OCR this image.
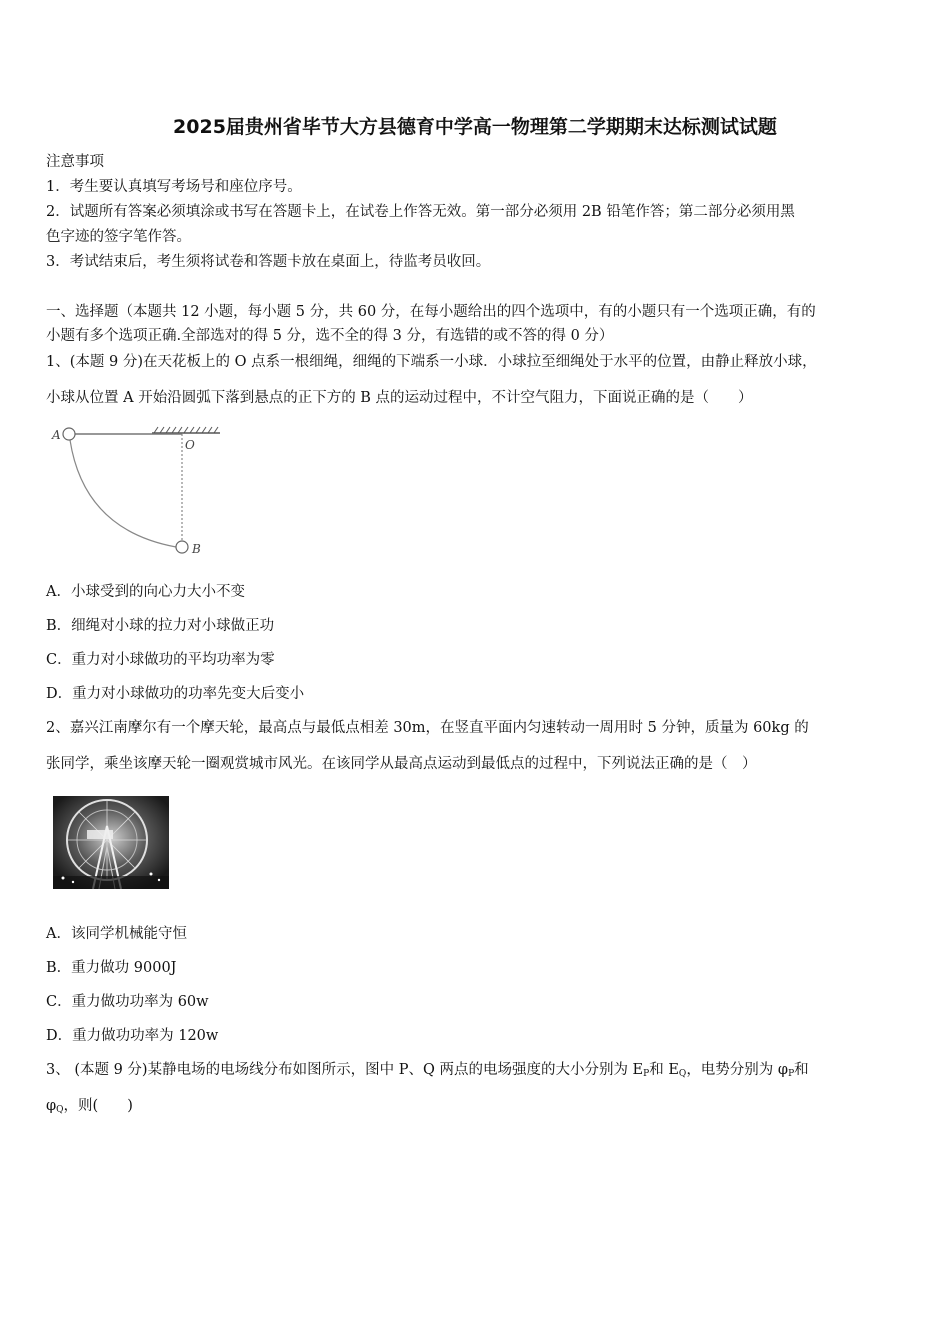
2025届贵州省毕节大方县德育中学高一物理第二学期期末达标测试试题
注意事项
1．考生要认真填写考场号和座位序号。
2．试题所有答案必须填涂或书写在答题卡上，在试卷上作答无效。第一部分必须用 2B 铅笔作答；第二部分必须用黑
色字迹的签字笔作答。
3．考试结束后，考生须将试卷和答题卡放在桌面上，待监考员收回。
一、选择题（本题共 12 小题，每小题 5 分，共 60 分，在每小题给出的四个选项中，有的小题只有一个选项正确，有的
小题有多个选项正确.全部选对的得 5 分，选不全的得 3 分，有选错的或不答的得 0 分）
1、(本题 9 分)在天花板上的 O 点系一根细绳，细绳的下端系一小球．小球拉至细绳处于水平的位置，由静止释放小球，
小球从位置 A 开始沿圆弧下落到悬点的正下方的 B 点的运动过程中，不计空气阻力，下面说正确的是（　　）
A
O
B
A．小球受到的向心力大小不变
B．细绳对小球的拉力对小球做正功
C．重力对小球做功的平均功率为零
D．重力对小球做功的功率先变大后变小
2、嘉兴江南摩尔有一个摩天轮，最高点与最低点相差 30m，在竖直平面内匀速转动一周用时 5 分钟，质量为 60kg 的
张同学，乘坐该摩天轮一圈观赏城市风光。在该同学从最高点运动到最低点的过程中，下列说法正确的是（　）
A．该同学机械能守恒
B．重力做功 9000J
C．重力做功功率为 60w
D．重力做功功率为 120w
3、 (本题 9 分)某静电场的电场线分布如图所示，图中 P、Q 两点的电场强度的大小分别为 $E_P$和 $E_Q$，电势分别为 $\varphi_P$和
$\varphi_Q$，则(　　)
